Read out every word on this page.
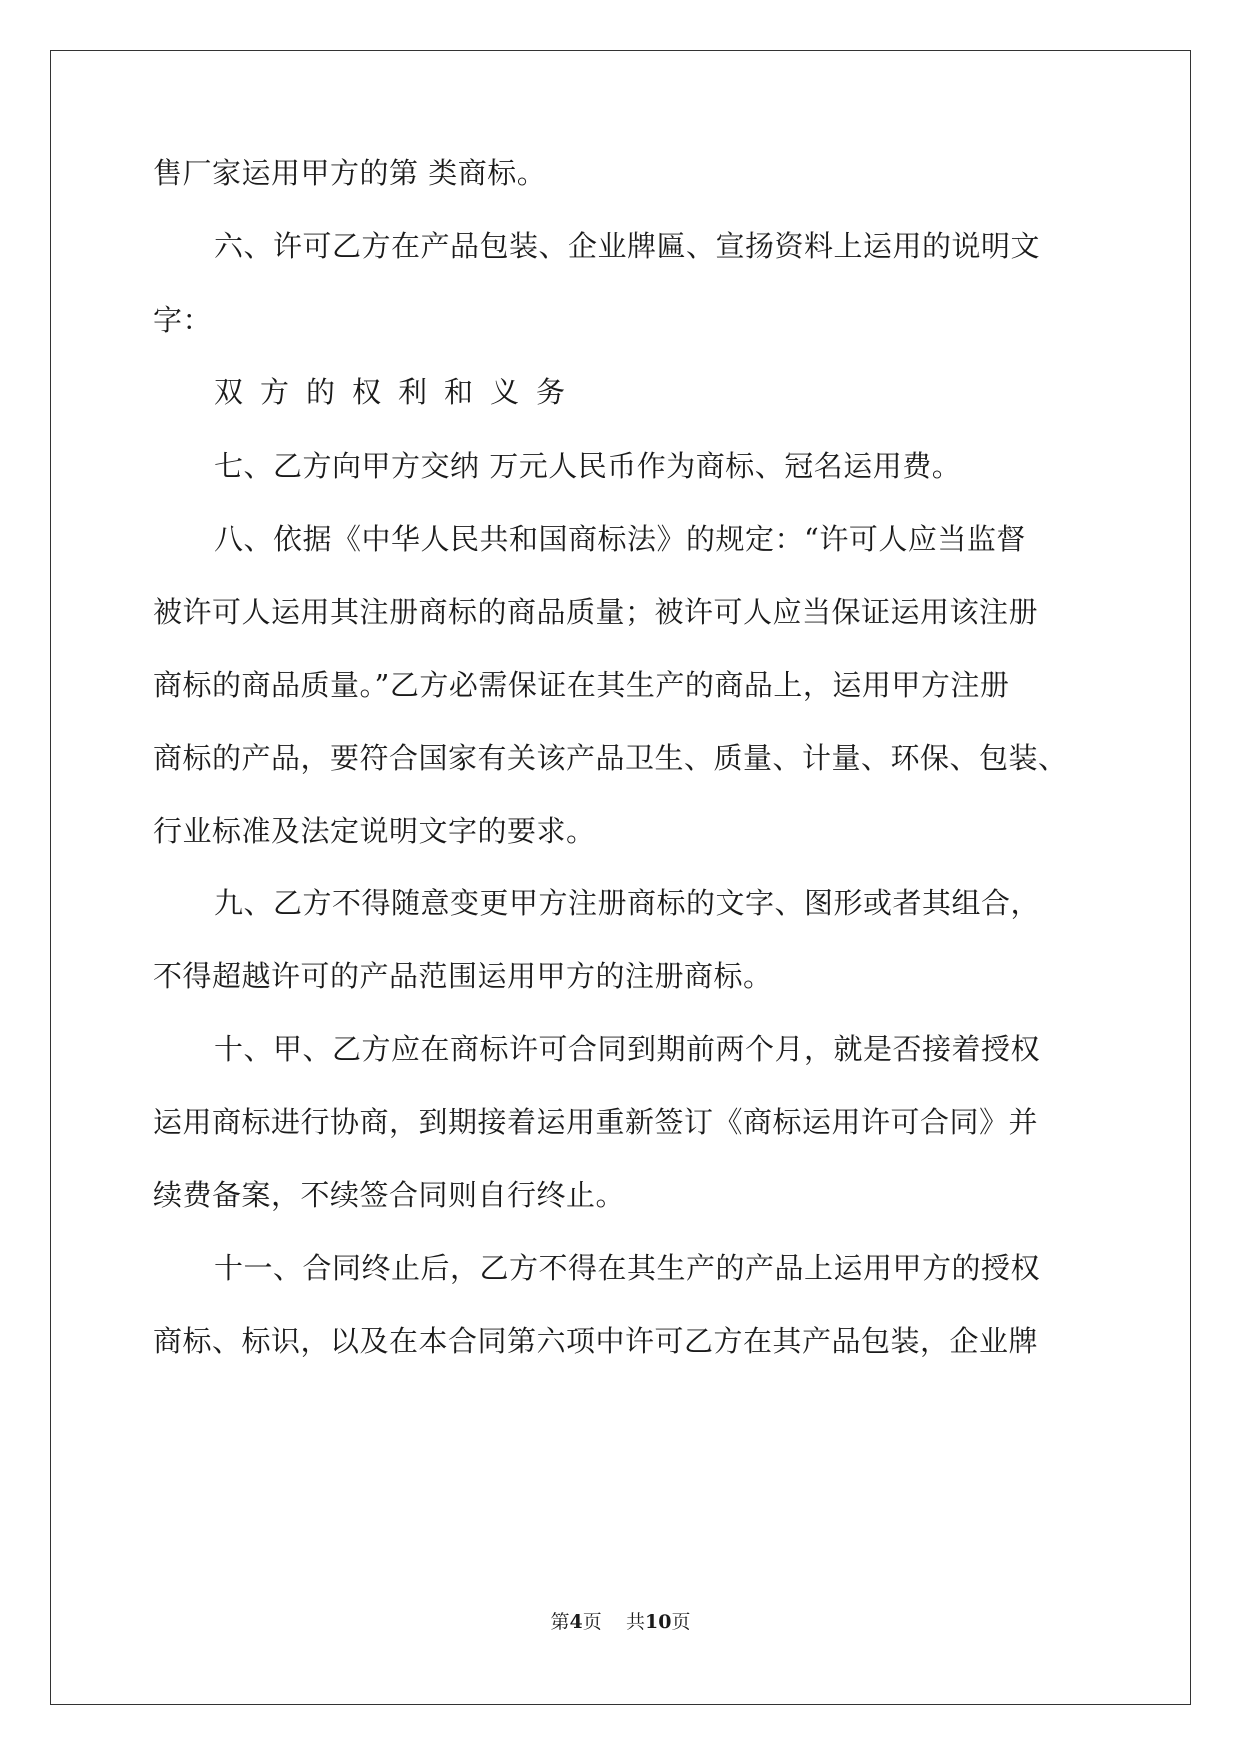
售厂家运用甲方的第 类商标。
六、许可乙方在产品包装、企业牌匾、宣扬资料上运用的说明文
字：
双方的权利和义务
七、乙方向甲方交纳 万元人民币作为商标、冠名运用费。
八、依据《中华人民共和国商标法》的规定：“许可人应当监督
被许可人运用其注册商标的商品质量；被许可人应当保证运用该注册
商标的商品质量。”乙方必需保证在其生产的商品上，运用甲方注册
商标的产品，要符合国家有关该产品卫生、质量、计量、环保、包装、
行业标准及法定说明文字的要求。
九、乙方不得随意变更甲方注册商标的文字、图形或者其组合，
不得超越许可的产品范围运用甲方的注册商标。
十、甲、乙方应在商标许可合同到期前两个月，就是否接着授权
运用商标进行协商，到期接着运用重新签订《商标运用许可合同》并
续费备案，不续签合同则自行终止。
十一、合同终止后，乙方不得在其生产的产品上运用甲方的授权
商标、标识，以及在本合同第六项中许可乙方在其产品包装，企业牌
第4页 共10页
